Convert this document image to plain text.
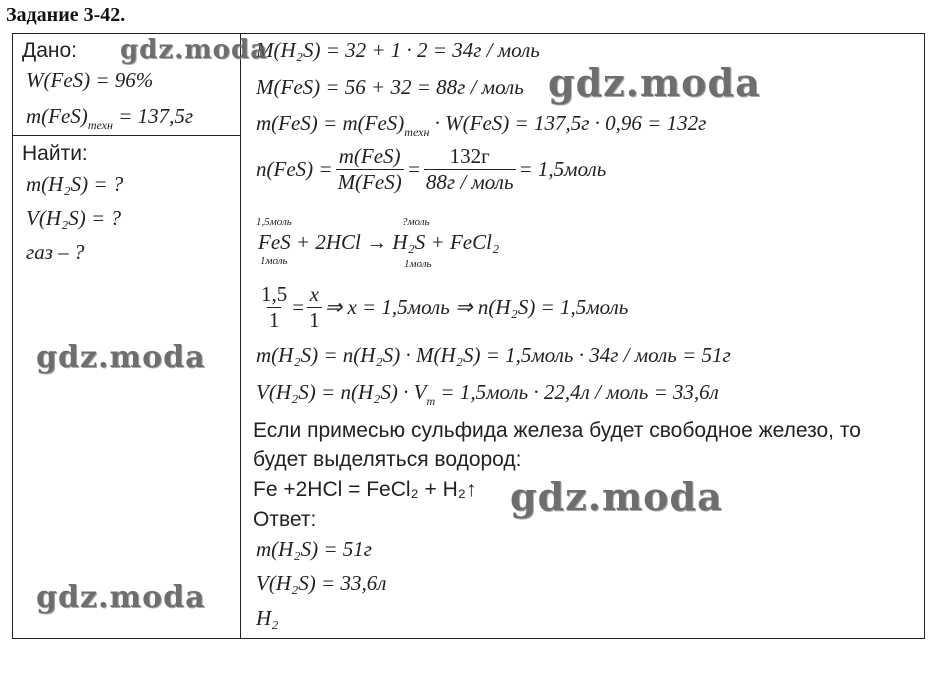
Задание 3-42.
Дано:
W(FeS) = 96%
$m(FeS)_{техн} = 137,5г$
Найти:
m(H₂S) = ?
V(H₂S) = ?
газ – ?
M(H₂S) = 32 + 1 · 2 = 34г / моль
M(FeS) = 56 + 32 = 88г / моль
$m(FeS) = m(FeS)_{техн} \cdot W(FeS) = 137,5г \cdot 0,96 = 132г$
$n(FeS) = \frac{\text{m(FeS)}}{\text{M(FeS)}} = \frac{132г}{\text{88г / моль}}$ = 1,5моль
1,5моль	?моль
FeS + 2HCl → H₂S + FeCl₂
1моль	1моль
$\frac{1,5}{1} = \frac{x}{1}$ ⇒ x = 1,5моль ⇒ n(H₂S) = 1,5моль
m(H₂S) = n(H₂S) · M(H₂S) = 1,5моль · 34г / моль = 51г
$V(H_2S) = n(H_2S) \cdot V_m$ = 1,5моль · 22,4л / моль = 33,6л
Если примесью сульфида железа будет свободное железо, то
будет выделяться водород:
Fe +2HCl = FeCl₂ + H₂↑
Ответ:
m(H₂S) = 51г
V(H₂S) = 33,6л
H₂
gdz.moda
gdz.moda
gdz.moda
gdz.moda
gdz.moda
